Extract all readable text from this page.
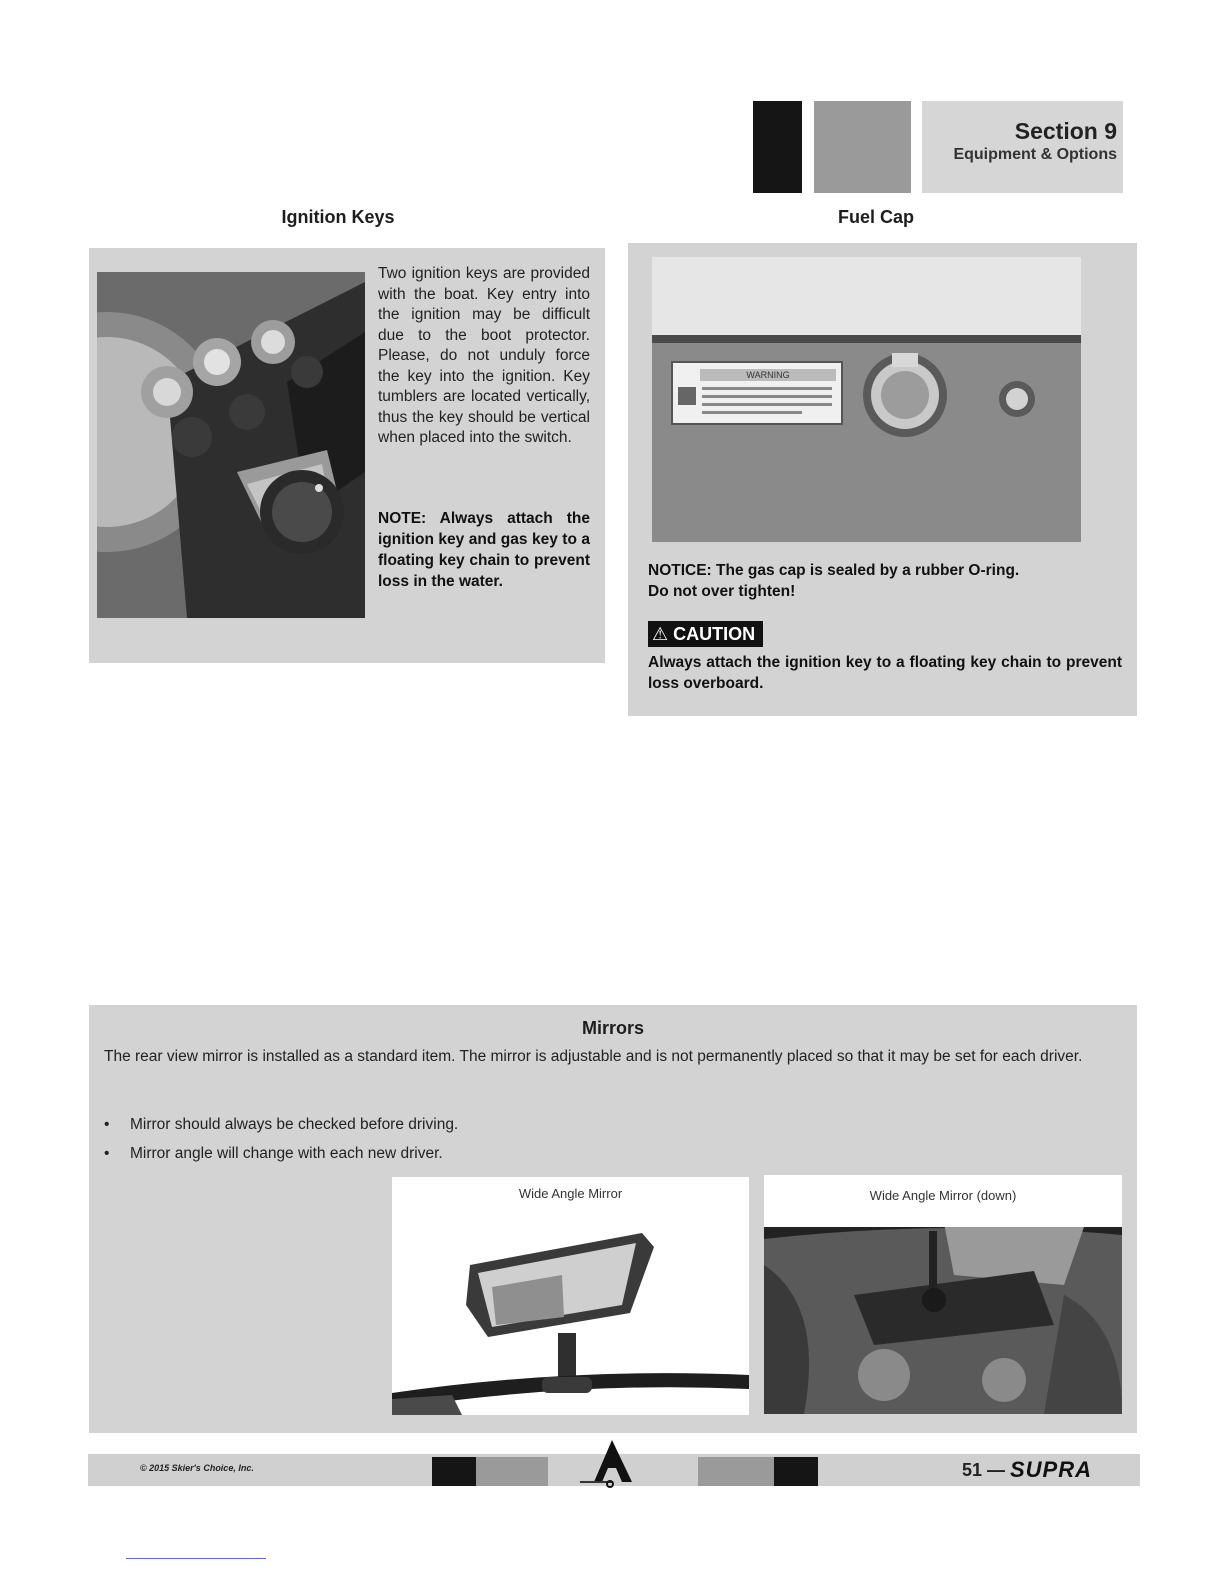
Section 9
Equipment & Options
Ignition Keys
Two ignition keys are provided with the boat. Key entry into the ignition may be difficult due to the boot protector. Please, do not unduly force the key into the ignition. Key tumblers are located vertically, thus the key should be vertical when placed into the switch.
NOTE: Always attach the ignition key and gas key to a floating key chain to prevent loss in the water.
Fuel Cap
WARNING
NOTICE: The gas cap is sealed by a rubber O-ring.
Do not over tighten!
⚠ CAUTION
Always attach the ignition key to a floating key chain to prevent loss overboard.
Mirrors
The rear view mirror is installed as a standard item. The mirror is adjustable and is not permanently placed so that it may be set for each driver.
• Mirror should always be checked before driving.
• Mirror angle will change with each new driver.
Wide Angle Mirror	Wide Angle Mirror (down)
© 2015 Skier's Choice, Inc.	51 — SUPRA
